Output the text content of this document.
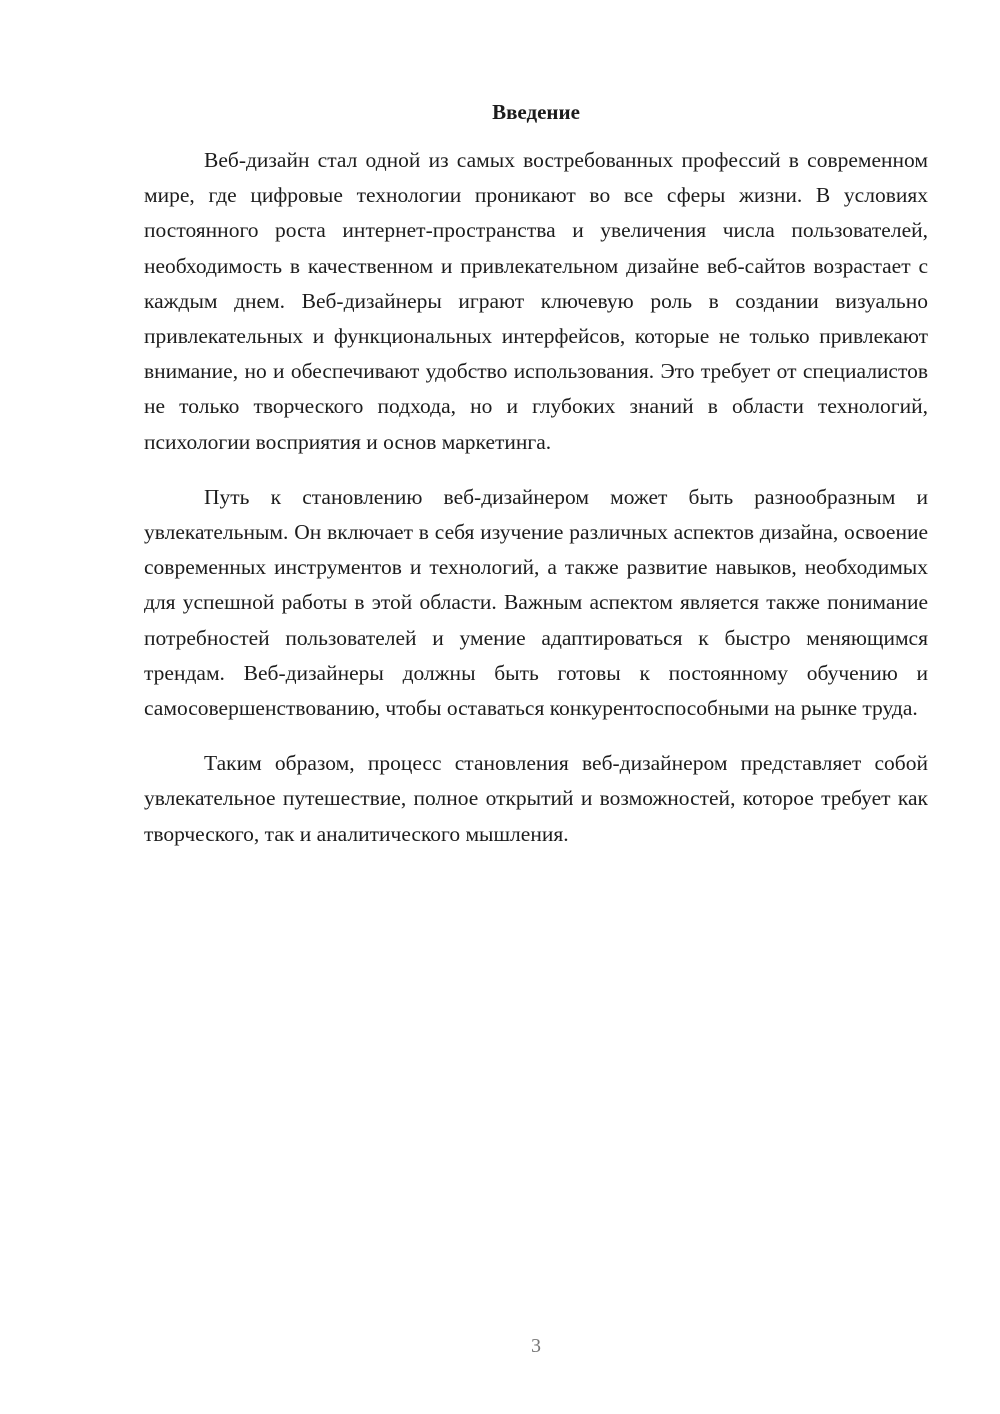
Введение

Веб-дизайн стал одной из самых востребованных профессий в современном мире, где цифровые технологии проникают во все сферы жизни. В условиях постоянного роста интернет-пространства и увеличения числа пользователей, необходимость в качественном и привлекательном дизайне веб-сайтов возрастает с каждым днем. Веб-дизайнеры играют ключевую роль в создании визуально привлекательных и функциональных интерфейсов, которые не только привлекают внимание, но и обеспечивают удобство использования. Это требует от специалистов не только творческого подхода, но и глубоких знаний в области технологий, психологии восприятия и основ маркетинга.

Путь к становлению веб-дизайнером может быть разнообразным и увлекательным. Он включает в себя изучение различных аспектов дизайна, освоение современных инструментов и технологий, а также развитие навыков, необходимых для успешной работы в этой области. Важным аспектом является также понимание потребностей пользователей и умение адаптироваться к быстро меняющимся трендам. Веб-дизайнеры должны быть готовы к постоянному обучению и самосовершенствованию, чтобы оставаться конкурентоспособными на рынке труда.

Таким образом, процесс становления веб-дизайнером представляет собой увлекательное путешествие, полное открытий и возможностей, которое требует как творческого, так и аналитического мышления.

3
